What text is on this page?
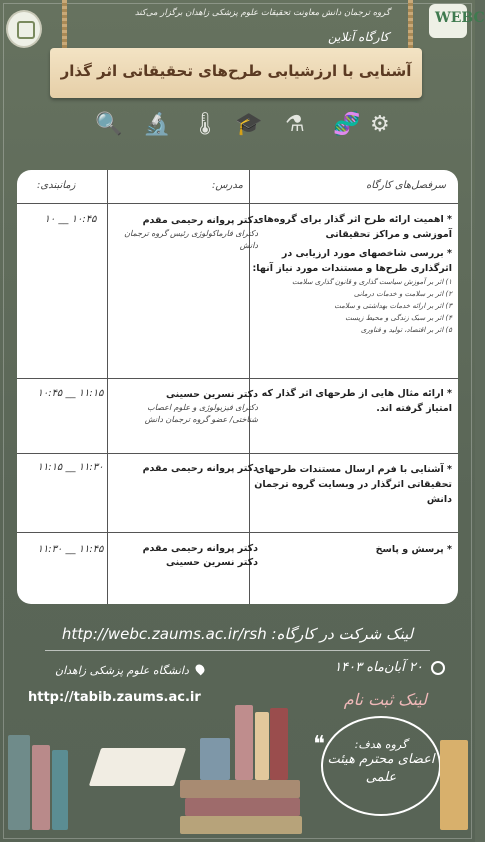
WEBC
گروه ترجمان دانش معاونت تحقیقات علوم پزشکی زاهدان برگزار می‌کند
کارگاه آنلاین
آشنایی با ارزشیابی طرح‌های تحقیقاتی اثر گذار
🔍 🔬 🌡 🎓 ⚗ 🧬 ⚙
سرفصل‌های کارگاه
مدرس:
زمانبندی:
* اهمیت ارائه طرح اثر گذار برای گروه‌های آموزشی و مراکز تحقیقاتی
* بررسی شاخصهای مورد ارزیابی در اثرگذاری طرح‌ها و مستندات مورد نیاز آنها:
۱) اثر بر آموزش سیاست گذاری و قانون گذاری سلامت
۲) اثر بر سلامت و خدمات درمانی
۳) اثر بر ارائه خدمات بهداشتی و سلامت
۴) اثر بر سبک زندگی و محیط زیست
۵) اثر بر اقتصاد، تولید و فناوری
دکتر پروانه رحیمی مقدم
دکترای فارماکولوژی رئیس گروه ترجمان دانش
۱۰ __ ۱۰:۴۵
* ارائه مثال هایی از طرحهای اثر گذار که امتیاز گرفته اند.
دکتر نسرین حسینی
دکترای فیزیولوژی و علوم اعصاب شناختی/ عضو گروه ترجمان دانش
۱۰:۴۵ __ ۱۱:۱۵
* آشنایی با فرم ارسال مستندات طرحهای تحقیقاتی اثرگذار در وبسایت گروه ترجمان دانش
دکتر پروانه رحیمی مقدم
۱۱:۱۵ __ ۱۱:۳۰
* پرسش و پاسخ
دکتر پروانه رحیمی مقدم
دکتر نسرین حسینی
۱۱:۳۰ __ ۱۱:۴۵
لینک شرکت در کارگاه: http://webc.zaums.ac.ir/rsh
۲۰ آبان‌ماه ۱۴۰۳
دانشگاه علوم پزشکی زاهدان
لینک ثبت نام
http://tabib.zaums.ac.ir
❝	گروه هدف:
اعضای محترم هیئت علمی
